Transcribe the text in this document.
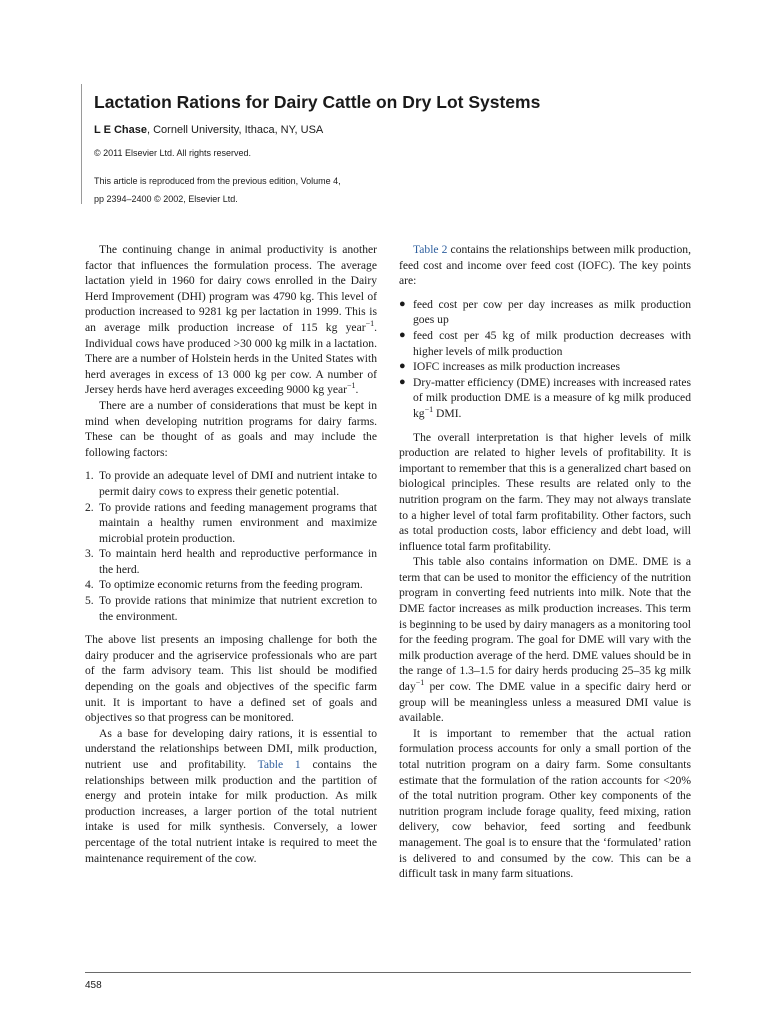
Lactation Rations for Dairy Cattle on Dry Lot Systems
L E Chase, Cornell University, Ithaca, NY, USA
© 2011 Elsevier Ltd. All rights reserved.
This article is reproduced from the previous edition, Volume 4,
pp 2394–2400 © 2002, Elsevier Ltd.

The continuing change in animal productivity is another factor that influences the formulation process. The average lactation yield in 1960 for dairy cows enrolled in the Dairy Herd Improvement (DHI) program was 4790 kg. This level of production increased to 9281 kg per lactation in 1999. This is an average milk production increase of 115 kg year$^{-1}$. Individual cows have produced >30 000 kg milk in a lactation. There are a number of Holstein herds in the United States with herd averages in excess of 13 000 kg per cow. A number of Jersey herds have herd averages exceeding 9000 kg year$^{-1}$.

There are a number of considerations that must be kept in mind when developing nutrition programs for dairy farms. These can be thought of as goals and may include the following factors:

1. To provide an adequate level of DMI and nutrient intake to permit dairy cows to express their genetic potential.
2. To provide rations and feeding management programs that maintain a healthy rumen environment and maximize microbial protein production.
3. To maintain herd health and reproductive performance in the herd.
4. To optimize economic returns from the feeding program.
5. To provide rations that minimize that nutrient excretion to the environment.

The above list presents an imposing challenge for both the dairy producer and the agriservice professionals who are part of the farm advisory team. This list should be modified depending on the goals and objectives of the specific farm unit. It is important to have a defined set of goals and objectives so that progress can be monitored.

As a base for developing dairy rations, it is essential to understand the relationships between DMI, milk production, nutrient use and profitability. Table 1 contains the relationships between milk production and the partition of energy and protein intake for milk production. As milk production increases, a larger portion of the total nutrient intake is used for milk synthesis. Conversely, a lower percentage of the total nutrient intake is required to meet the maintenance requirement of the cow.

Table 2 contains the relationships between milk production, feed cost and income over feed cost (IOFC). The key points are:

● feed cost per cow per day increases as milk production goes up
● feed cost per 45 kg of milk production decreases with higher levels of milk production
● IOFC increases as milk production increases
● Dry-matter efficiency (DME) increases with increased rates of milk production DME is a measure of kg milk produced $kg^{-1}$ DMI.

The overall interpretation is that higher levels of milk production are related to higher levels of profitability. It is important to remember that this is a generalized chart based on biological principles. These results are related only to the nutrition program on the farm. They may not always translate to a higher level of total farm profitability. Other factors, such as total production costs, labor efficiency and debt load, will influence total farm profitability.

This table also contains information on DME. DME is a term that can be used to monitor the efficiency of the nutrition program in converting feed nutrients into milk. Note that the DME factor increases as milk production increases. This term is beginning to be used by dairy managers as a monitoring tool for the feeding program. The goal for DME will vary with the milk production average of the herd. DME values should be in the range of 1.3–1.5 for dairy herds producing 25–35 kg milk day$^{-1}$ per cow. The DME value in a specific dairy herd or group will be meaningless unless a measured DMI value is available.

It is important to remember that the actual ration formulation process accounts for only a small portion of the total nutrition program on a dairy farm. Some consultants estimate that the formulation of the ration accounts for <20% of the total nutrition program. Other key components of the nutrition program include forage quality, feed mixing, ration delivery, cow behavior, feed sorting and feedbunk management. The goal is to ensure that the ‘formulated’ ration is delivered to and consumed by the cow. This can be a difficult task in many farm situations.

458
